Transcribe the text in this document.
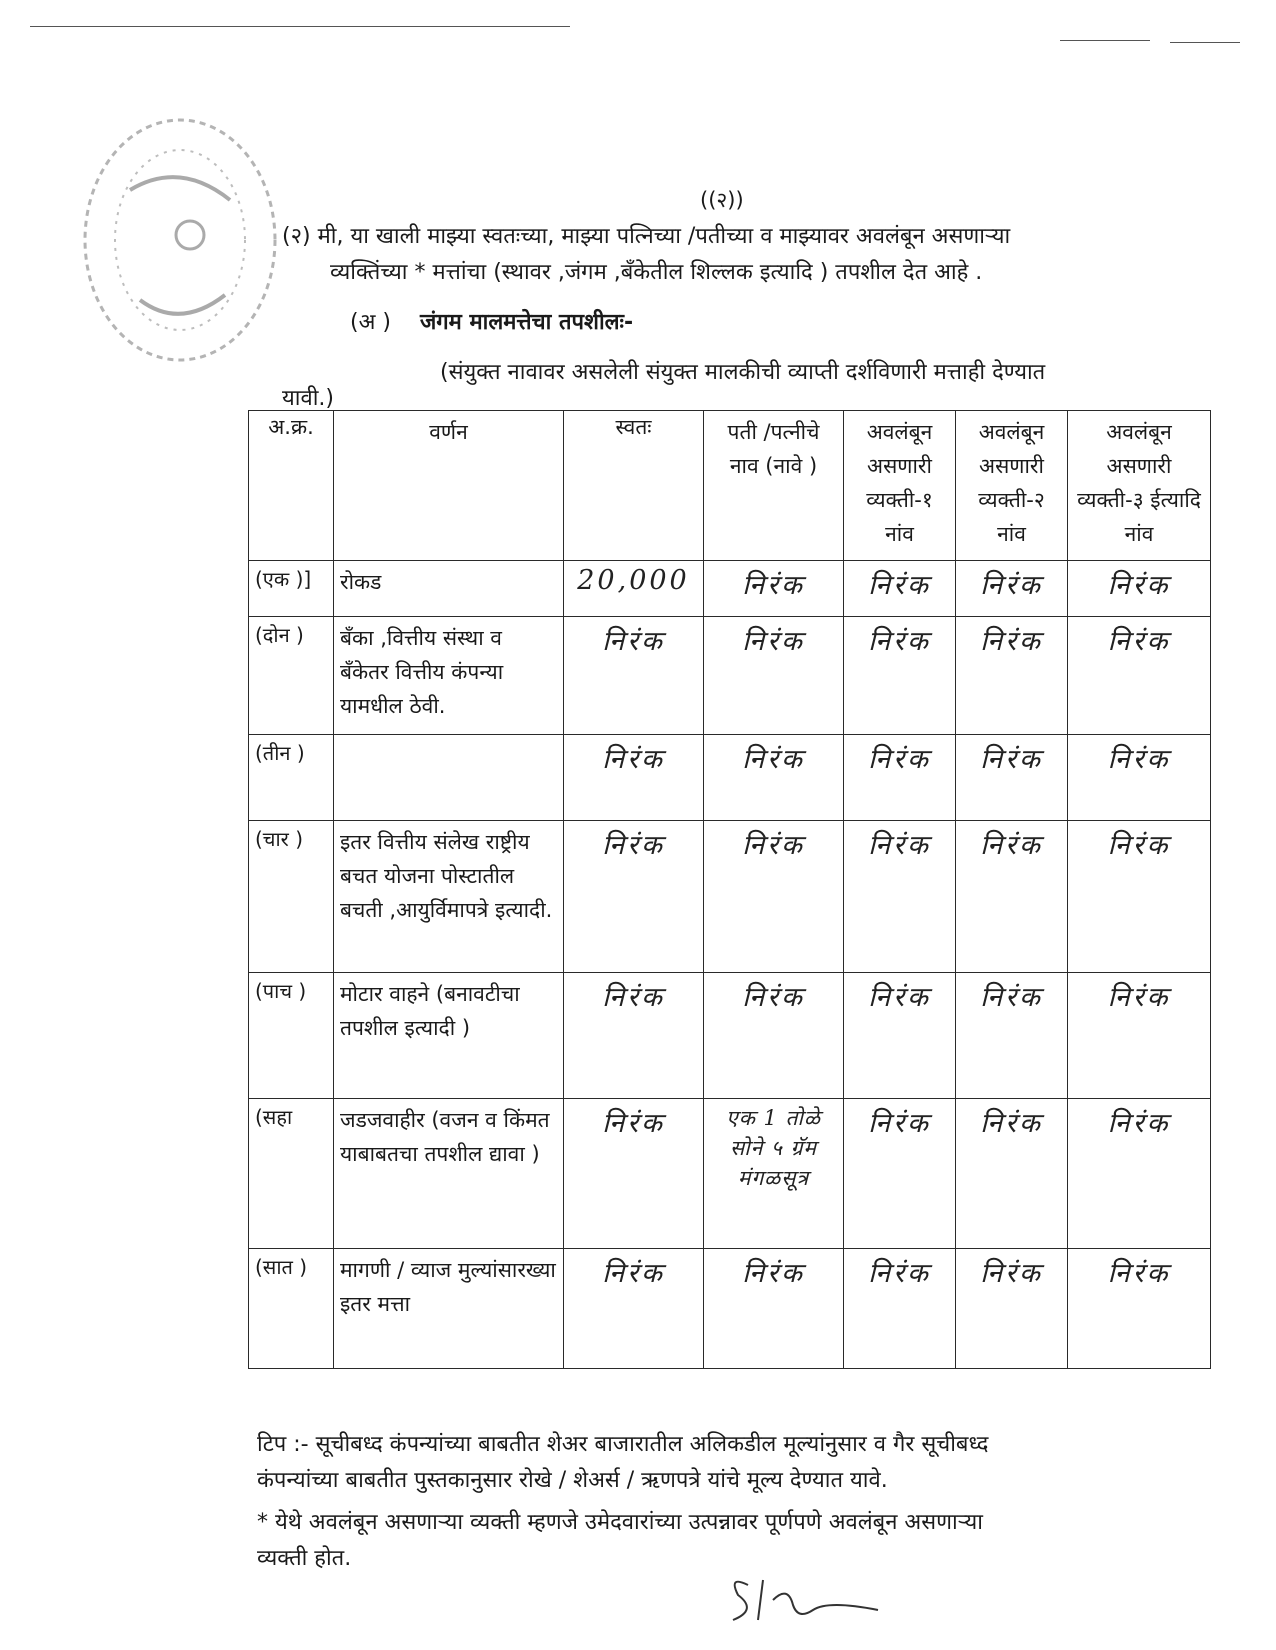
((२))
(२) मी, या खाली माझ्या स्वतःच्या, माझ्या पत्निच्या /पतीच्या व माझ्यावर अवलंबून असणाऱ्या
व्यक्तिंच्या * मत्तांचा (स्थावर ,जंगम ,बॅंकेतील शिल्लक इत्यादि ) तपशील देत आहे .
(अ ) जंगम मालमत्तेचा तपशीलः-
(संयुक्त नावावर असलेली संयुक्त मालकीची व्याप्ती दर्शविणारी मत्ताही देण्यात
यावी.)
अ.क्र.	वर्णन	स्वतः	पती /पत्नीचे नाव (नावे )	अवलंबून असणारी व्यक्ती-१ नांव	अवलंबून असणारी व्यक्ती-२ नांव	अवलंबून असणारी व्यक्ती-३ ईत्यादि नांव
(एक )]	रोकड	20,000	निरंक	निरंक	निरंक	निरंक
(दोन )	बॅंका ,वित्तीय संस्था व बॅंकेतर वित्तीय कंपन्या यामधील ठेवी.	निरंक	निरंक	निरंक	निरंक	निरंक
(तीन )		निरंक	निरंक	निरंक	निरंक	निरंक
(चार )	इतर वित्तीय संलेख राष्ट्रीय बचत योजना पोस्टातील बचती ,आयुर्विमापत्रे इत्यादी.	निरंक	निरंक	निरंक	निरंक	निरंक
(पाच )	मोटार वाहने (बनावटीचा तपशील इत्यादी )	निरंक	निरंक	निरंक	निरंक	निरंक
(सहा	जडजवाहीर (वजन व किंमत याबाबतचा तपशील द्यावा )	निरंक	एक 1 तोळे सोने ५ ग्रॅम मंगळसूत्र	निरंक	निरंक	निरंक
(सात )	मागणी / व्याज मुल्यांसारख्या इतर मत्ता	निरंक	निरंक	निरंक	निरंक	निरंक
टिप :- सूचीबध्द कंपन्यांच्या बाबतीत शेअर बाजारातील अलिकडील मूल्यांनुसार व गैर सूचीबध्द
कंपन्यांच्या बाबतीत पुस्तकानुसार रोखे / शेअर्स / ऋणपत्रे यांचे मूल्य देण्यात यावे.
* येथे अवलंबून असणाऱ्या व्यक्ती म्हणजे उमेदवारांच्या उत्पन्नावर पूर्णपणे अवलंबून असणाऱ्या
व्यक्ती होत.
